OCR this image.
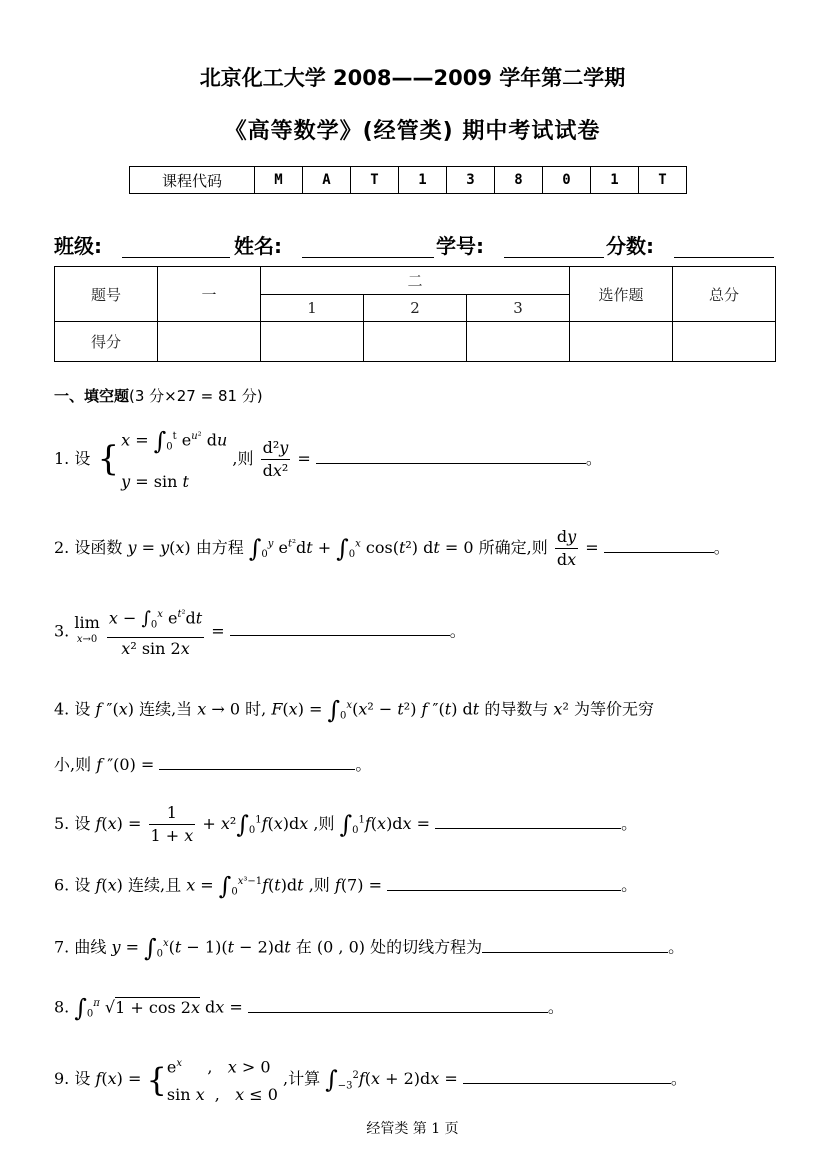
北京化工大学 2008——2009 学年第二学期
《高等数学》(经管类) 期中考试试卷
课程代码	M	A	T	1	3	8	0	1	T
班级:	姓名:	学号:	分数:
题号	一	二			选作题	总分
		1	2	3		
得分						
一、填空题(3 分×27 = 81 分)
1. 设 { $x = \int_0^t$ $e^{u^2}$ du
y = sin t ,则 $\frac{\text{d²y}}{\text{dx²}}$ =	。
2. 设函数 y = y(x) 由方程 $\int_0^y$ $e^{t^2}dt + \int_0^x$ cos(t²) dt = 0 所确定,则 $\frac{dy}{dx}$ =	。
3. lim
$x\to 0 \frac{x - \int_0^x e^{t^2}dt}{\text{x² sin 2x}}$ =	。
4. 设 f ″(x) 连续,当 x → 0 时, $F(x) = \int_0^x(x^2 - t^2)$ f ″(t) dt 的导数与 x² 为等价无穷
小,则 f ″(0) =	。
5. 设 $f(x) = \frac{1}{1 + x} + x^2\int_0^1f(x)dx$ ,则 $\int_0^1f(x)dx$ =	。
6. 设 f(x) 连续,且 $x = \int_0^{x^3-1}f(t)dt$ ,则 f(7) =	。
7. 曲线 $y = \int_0^x(t - 1)(t - 2)dt$ 在 (0 , 0) 处的切线方程为	。
8. $\int_0^\pi$ √1 + cos 2x dx =	。
9. 设 $f(x) = \{e^x$     ,   x > 0
sin x  ,   x ≤ 0 ,计算 $\int_{-3}^2f(x + 2)dx$ =	。
经管类 第 1 页
